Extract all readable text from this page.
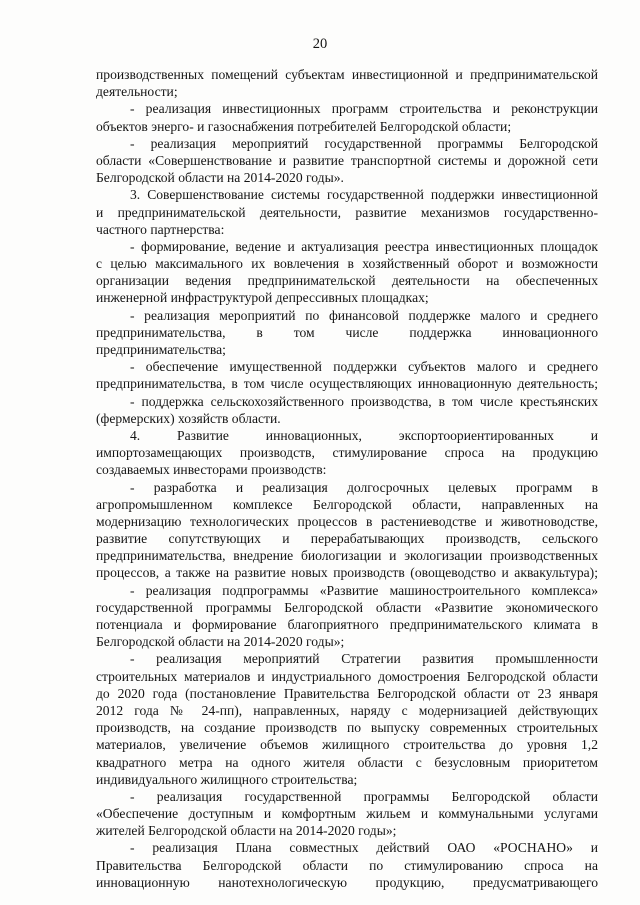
20
производственных помещений субъектам инвестиционной и предпринимательской
деятельности;
- реализация инвестиционных программ строительства и реконструкции
объектов энерго- и газоснабжения потребителей Белгородской области;
- реализация мероприятий государственной программы Белгородской
области «Совершенствование и развитие транспортной системы и дорожной сети
Белгородской области на 2014-2020 годы».
3. Совершенствование системы государственной поддержки инвестиционной
и предпринимательской деятельности, развитие механизмов государственно-
частного партнерства:
- формирование, ведение и актуализация реестра инвестиционных площадок
с целью максимального их вовлечения в хозяйственный оборот и возможности
организации ведения предпринимательской деятельности на обеспеченных
инженерной инфраструктурой депрессивных площадках;
- реализация мероприятий по финансовой поддержке малого и среднего
предпринимательства, в том числе поддержка инновационного
предпринимательства;
- обеспечение имущественной поддержки субъектов малого и среднего
предпринимательства, в том числе осуществляющих инновационную деятельность;
- поддержка сельскохозяйственного производства, в том числе крестьянских
(фермерских) хозяйств области.
4. Развитие инновационных, экспортоориентированных и
импортозамещающих производств, стимулирование спроса на продукцию
создаваемых инвесторами производств:
- разработка и реализация долгосрочных целевых программ в
агропромышленном комплексе Белгородской области, направленных на
модернизацию технологических процессов в растениеводстве и животноводстве,
развитие сопутствующих и перерабатывающих производств, сельского
предпринимательства, внедрение биологизации и экологизации производственных
процессов, а также на развитие новых производств (овощеводство и аквакультура);
- реализация подпрограммы «Развитие машиностроительного комплекса»
государственной программы Белгородской области «Развитие экономического
потенциала и формирование благоприятного предпринимательского климата в
Белгородской области на 2014-2020 годы»;
- реализация мероприятий Стратегии развития промышленности
строительных материалов и индустриального домостроения Белгородской области
до 2020 года (постановление Правительства Белгородской области от 23 января
2012 года № 24-пп), направленных, наряду с модернизацией действующих
производств, на создание производств по выпуску современных строительных
материалов, увеличение объемов жилищного строительства до уровня 1,2
квадратного метра на одного жителя области с безусловным приоритетом
индивидуального жилищного строительства;
- реализация государственной программы Белгородской области
«Обеспечение доступным и комфортным жильем и коммунальными услугами
жителей Белгородской области на 2014-2020 годы»;
- реализация Плана совместных действий ОАО «РОСНАНО» и
Правительства Белгородской области по стимулированию спроса на
инновационную нанотехнологическую продукцию, предусматривающего
